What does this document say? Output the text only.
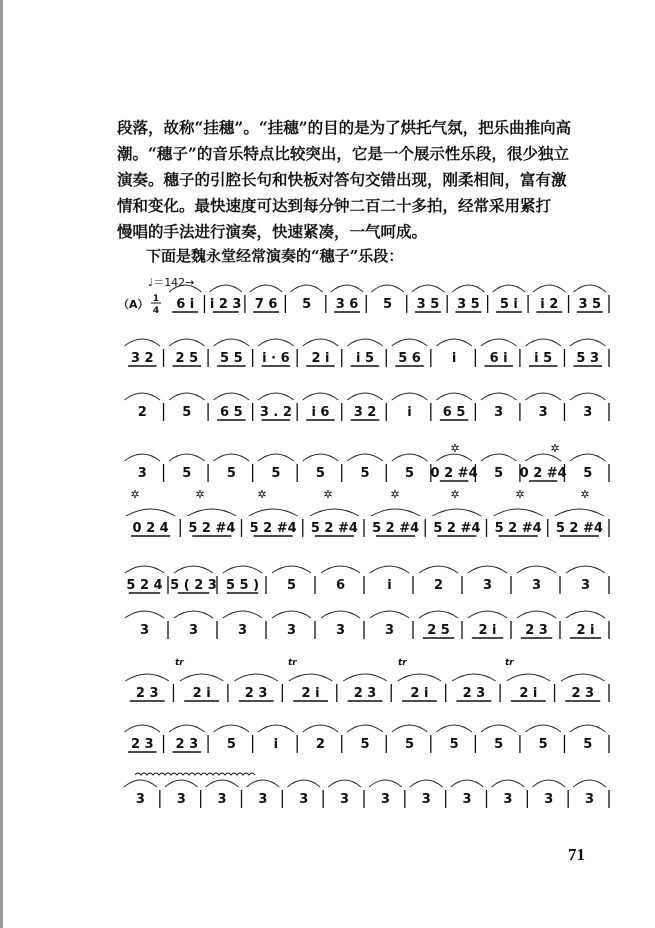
段落，故称“挂穗”。“挂穗”的目的是为了烘托气氛，把乐曲推向高
潮。“穗子”的音乐特点比较突出，它是一个展示性乐段，很少独立
演奏。穗子的引腔长句和快板对答句交错出现，刚柔相间，富有激
情和变化。最快速度可达到每分钟二百二十多拍，经常采用紧打
慢唱的手法进行演奏，快速紧凑，一气呵成。
下面是魏永堂经常演奏的“穗子”乐段：
♩＝142→
6 i i 2 3 7 6 5 3 6 5 3 5 3 5 5 i i 2 3 5
3 2 2 5 5 5 i · 6 2 i i 5 5 6 i	6 i i 5 5 3
2	5 6 5 3 . 2 i 6 3 2 i 6 5 3	3	3
3	5	5	5	5	5	5 0 2 #4 5 0 2 #4 5
0 2 4 5 2 #4 5 2 #4 5 2 #4 5 2 #4 5 2 #4 5 2 #4 5 2 #4
5 2 4 5 ( 2 3 5 5 ) 5	6	i	2	3	3	3
3	3	3	3	3	3	2 5 2 i 2 3 2 i
2 3	2 i	2 3	2 i	2 3	2 i	2 3	2 i	2 3
2 3 2 3 5	i	2	5	5	5	5	5	5
3 3 3 3 3 3 3 3 3 3 3 3
（A） 1
4
tr	tr	tr	tr
✲	✲
✲	✲	✲	✲	✲	✲	✲	✲
71
